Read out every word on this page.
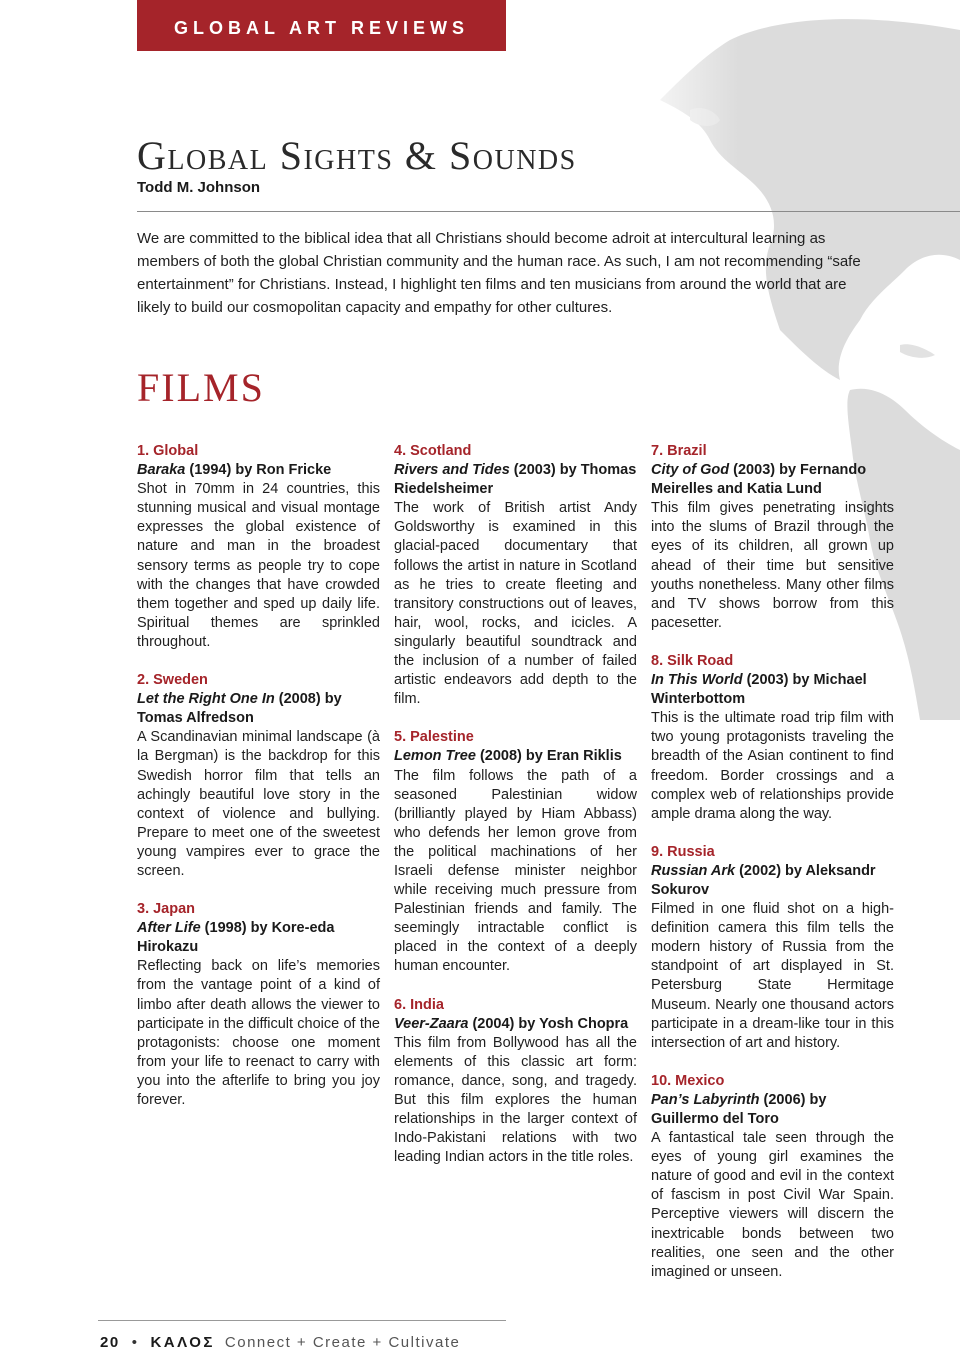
GLOBAL ART REVIEWS
Global Sights & Sounds
Todd M. Johnson

We are committed to the biblical idea that all Christians should become adroit at intercultural learning as members of both the global Christian community and the human race. As such, I am not recommending “safe entertainment” for Christians. Instead, I highlight ten films and ten musicians from around the world that are likely to build our cosmopolitan capacity and empathy for other cultures.

FILMS
1. Global
Baraka (1994) by Ron Fricke
Shot in 70mm in 24 countries, this stunning musical and visual montage expresses the global existence of nature and man in the broadest sensory terms as people try to cope with the changes that have crowded them together and sped up daily life. Spiritual themes are sprinkled throughout.
2. Sweden
Let the Right One In (2008) by Tomas Alfredson
A Scandinavian minimal landscape (à la Bergman) is the backdrop for this Swedish horror film that tells an achingly beautiful love story in the context of violence and bullying. Prepare to meet one of the sweetest young vampires ever to grace the screen.
3. Japan
After Life (1998) by Kore-eda Hirokazu
Reflecting back on life’s memories from the vantage point of a kind of limbo after death allows the viewer to participate in the difficult choice of the protagonists: choose one moment from your life to reenact to carry with you into the afterlife to bring you joy forever.
4. Scotland
Rivers and Tides (2003) by Thomas Riedelsheimer
The work of British artist Andy Goldsworthy is examined in this glacial-paced documentary that follows the artist in nature in Scotland as he tries to create fleeting and transitory constructions out of leaves, hair, wool, rocks, and icicles. A singularly beautiful soundtrack and the inclusion of a number of failed artistic endeavors add depth to the film.
5. Palestine
Lemon Tree (2008) by Eran Riklis
The film follows the path of a seasoned Palestinian widow (brilliantly played by Hiam Abbass) who defends her lemon grove from the political machinations of her Israeli defense minister neighbor while receiving much pressure from Palestinian friends and family. The seemingly intractable conflict is placed in the context of a deeply human encounter.
6. India
Veer-Zaara (2004) by Yosh Chopra
This film from Bollywood has all the elements of this classic art form: romance, dance, song, and tragedy. But this film explores the human relationships in the larger context of Indo-Pakistani relations with two leading Indian actors in the title roles.
7. Brazil
City of God (2003) by Fernando Meirelles and Katia Lund
This film gives penetrating insights into the slums of Brazil through the eyes of its children, all grown up ahead of their time but sensitive youths nonetheless. Many other films and TV shows borrow from this pacesetter.
8. Silk Road
In This World (2003) by Michael Winterbottom
This is the ultimate road trip film with two young protagonists traveling the breadth of the Asian continent to find freedom. Border crossings and a complex web of relationships provide ample drama along the way.
9. Russia
Russian Ark (2002) by Aleksandr Sokurov
Filmed in one fluid shot on a high-definition camera this film tells the modern history of Russia from the standpoint of art displayed in St. Petersburg State Hermitage Museum. Nearly one thousand actors participate in a dream-like tour in this intersection of art and history.
10. Mexico
Pan’s Labyrinth (2006) by Guillermo del Toro
A fantastical tale seen through the eyes of young girl examines the nature of good and evil in the context of fascism in post Civil War Spain. Perceptive viewers will discern the inextricable bonds between two realities, one seen and the other imagined or unseen.
20 • ΚΑΛΟΣ Connect + Create + Cultivate
